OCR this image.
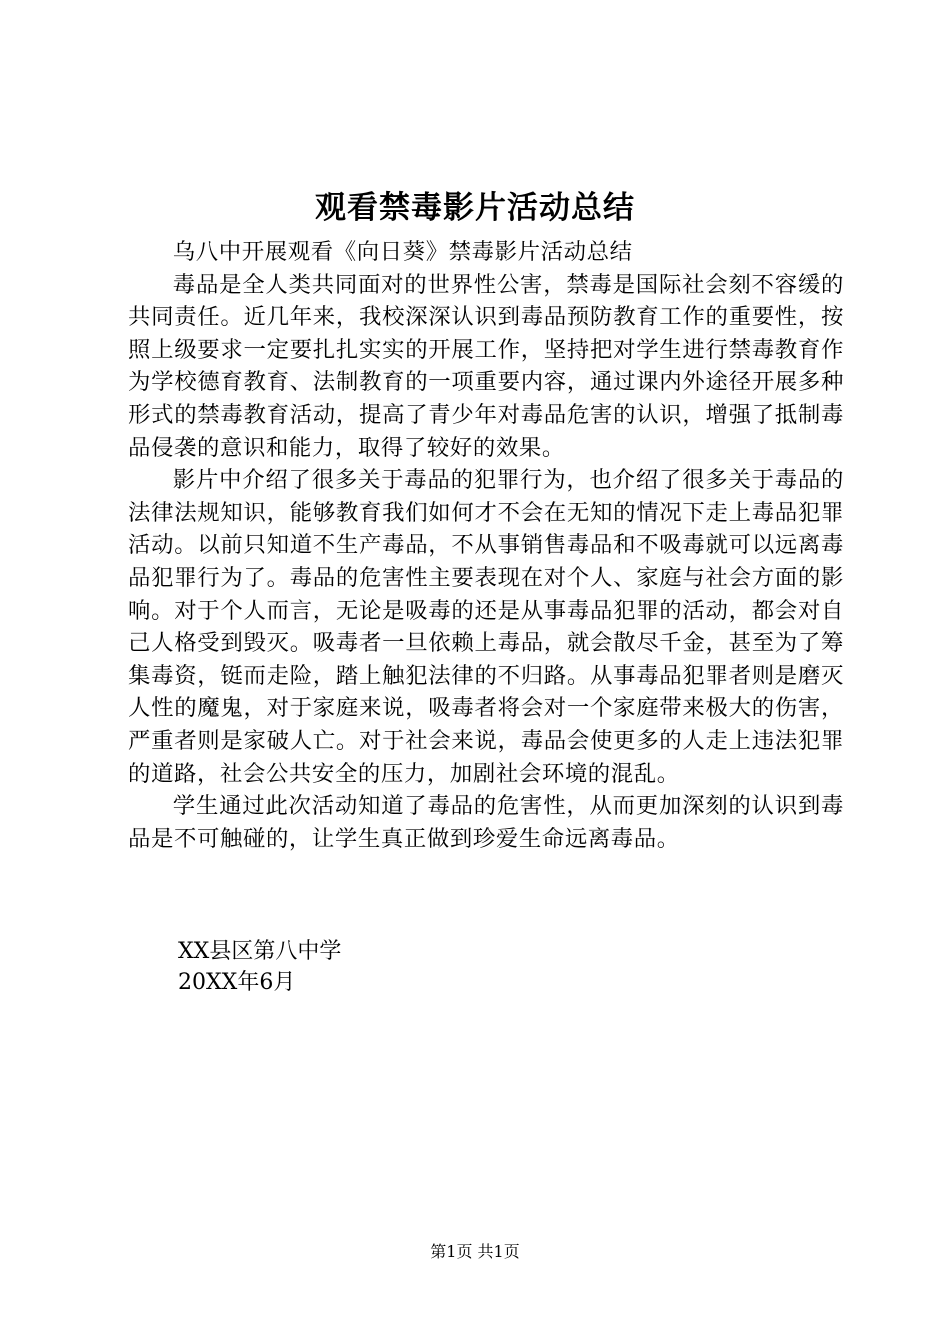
观看禁毒影片活动总结

乌八中开展观看《向日葵》禁毒影片活动总结

毒品是全人类共同面对的世界性公害，禁毒是国际社会刻不容缓的共同责任。近几年来，我校深深认识到毒品预防教育工作的重要性，按照上级要求一定要扎扎实实的开展工作，坚持把对学生进行禁毒教育作为学校德育教育、法制教育的一项重要内容，通过课内外途径开展多种形式的禁毒教育活动，提高了青少年对毒品危害的认识，增强了抵制毒品侵袭的意识和能力，取得了较好的效果。

影片中介绍了很多关于毒品的犯罪行为，也介绍了很多关于毒品的法律法规知识，能够教育我们如何才不会在无知的情况下走上毒品犯罪活动。以前只知道不生产毒品，不从事销售毒品和不吸毒就可以远离毒品犯罪行为了。毒品的危害性主要表现在对个人、家庭与社会方面的影响。对于个人而言，无论是吸毒的还是从事毒品犯罪的活动，都会对自己人格受到毁灭。吸毒者一旦依赖上毒品，就会散尽千金，甚至为了筹集毒资，铤而走险，踏上触犯法律的不归路。从事毒品犯罪者则是磨灭人性的魔鬼，对于家庭来说，吸毒者将会对一个家庭带来极大的伤害，严重者则是家破人亡。对于社会来说，毒品会使更多的人走上违法犯罪的道路，社会公共安全的压力，加剧社会环境的混乱。

学生通过此次活动知道了毒品的危害性，从而更加深刻的认识到毒品是不可触碰的，让学生真正做到珍爱生命远离毒品。

XX县区第八中学
20XX年6月
第1页 共1页
